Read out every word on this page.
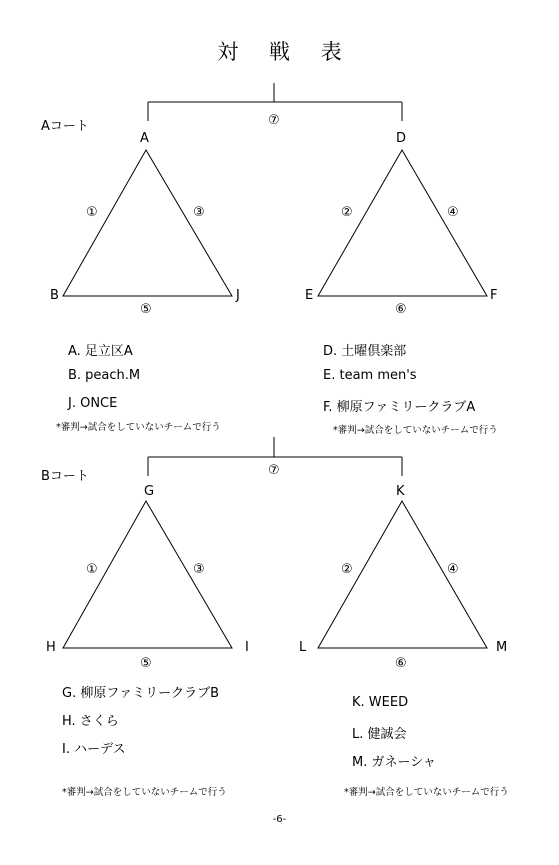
対 戦 表
Aコート	⑦
A
B	J
①	③
⑤
D
E	F
②	④
⑥
A. 足立区A
B. peach.M
J. ONCE
*審判→試合をしていないチームで行う
D. 土曜倶楽部
E. team men's
F. 柳原ファミリークラブA
*審判→試合をしていないチームで行う
Bコート	⑦
G
H	I
①	③
⑤
K
L	M
②	④
⑥
G. 柳原ファミリークラブB
H. さくら
I. ハーデス
*審判→試合をしていないチームで行う
K. WEED
L. 健誠会
M. ガネーシャ
*審判→試合をしていないチームで行う
-6-
